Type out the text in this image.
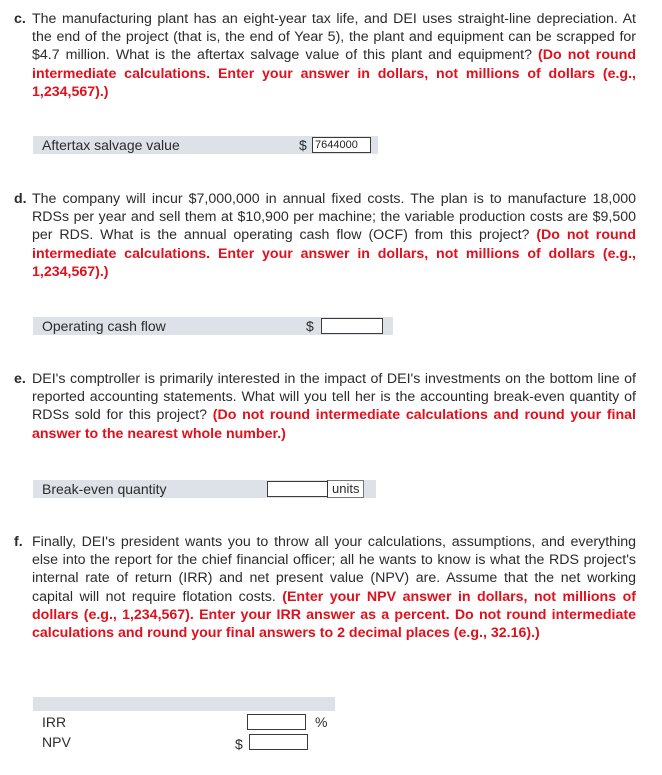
c. The manufacturing plant has an eight-year tax life, and DEI uses straight-line depreciation. At the end of the project (that is, the end of Year 5), the plant and equipment can be scrapped for $4.7 million. What is the aftertax salvage value of this plant and equipment? (Do not round intermediate calculations. Enter your answer in dollars, not millions of dollars (e.g., 1,234,567).)
Aftertax salvage value	$
7644000
d. The company will incur $7,000,000 in annual fixed costs. The plan is to manufacture 18,000 RDSs per year and sell them at $10,900 per machine; the variable production costs are $9,500 per RDS. What is the annual operating cash flow (OCF) from this project? (Do not round intermediate calculations. Enter your answer in dollars, not millions of dollars (e.g., 1,234,567).)
Operating cash flow	$
e. DEI's comptroller is primarily interested in the impact of DEI's investments on the bottom line of reported accounting statements. What will you tell her is the accounting break-even quantity of RDSs sold for this project? (Do not round intermediate calculations and round your final answer to the nearest whole number.)
Break-even quantity	units
f. Finally, DEI's president wants you to throw all your calculations, assumptions, and everything else into the report for the chief financial officer; all he wants to know is what the RDS project's internal rate of return (IRR) and net present value (NPV) are. Assume that the net working capital will not require flotation costs. (Enter your NPV answer in dollars, not millions of dollars (e.g., 1,234,567). Enter your IRR answer as a percent. Do not round intermediate calculations and round your final answers to 2 decimal places (e.g., 32.16).)
IRR	%
NPV	$
